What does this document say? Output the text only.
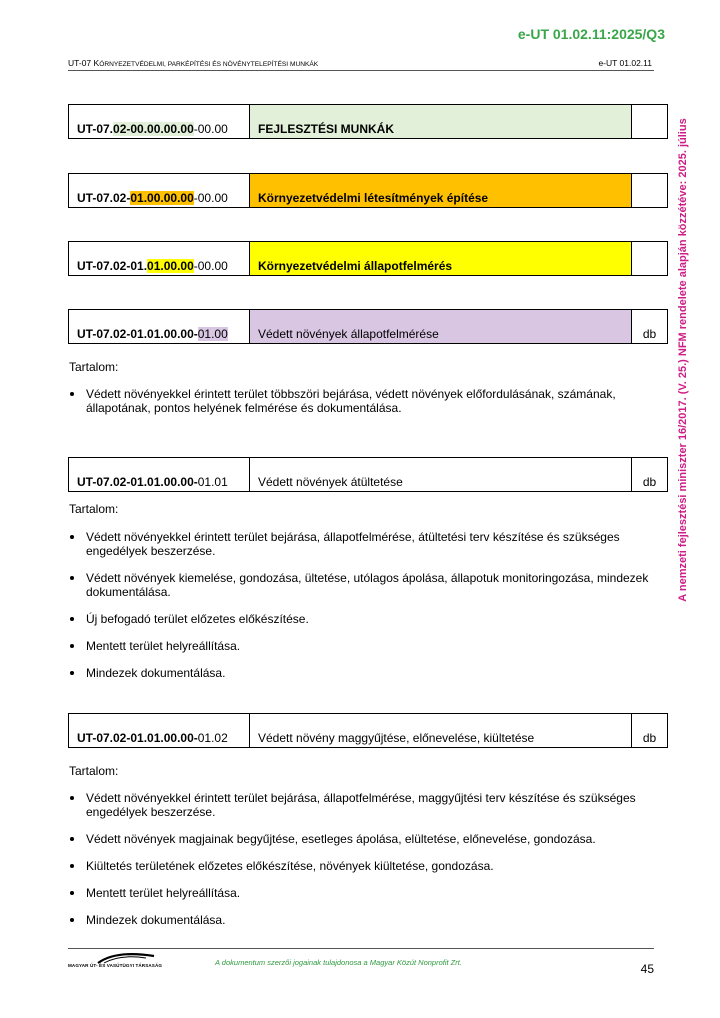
e-UT 01.02.11:2025/Q3
UT-07 KÖRNYEZETVÉDELMI, PARKÉPÍTÉSI ÉS NÖVÉNYTELEPÍTÉSI MUNKÁK	e-UT 01.02.11
A nemzeti fejlesztési miniszter 16/2017. (V. 25.) NFM rendelete alapján közzétéve: 2025. július
UT-07. 02-00.00.00.00 -00.00	FEJLESZTÉSI MUNKÁK
UT-07.02- 01.00.00.00 -00.00	Környezetvédelmi létesítmények építése
UT-07.02-01. 01.00.00 -00.00	Környezetvédelmi állapotfelmérés
UT-07.02-01.01.00.00- 01.00	Védett növények állapotfelmérése	db
Tartalom:
Védett növényekkel érintett terület többszöri bejárása, védett növények előfordulásának, számának, állapotának, pontos helyének felmérése és dokumentálása.
UT-07.02-01.01.00.00- 01.01	Védett növények átültetése	db
Tartalom:
Védett növényekkel érintett terület bejárása, állapotfelmérése, átültetési terv készítése és szükséges engedélyek beszerzése.
Védett növények kiemelése, gondozása, ültetése, utólagos ápolása, állapotuk monitoringozása, mindezek dokumentálása.
Új befogadó terület előzetes előkészítése.
Mentett terület helyreállítása.
Mindezek dokumentálása.
UT-07.02-01.01.00.00- 01.02	Védett növény maggyűjtése, előnevelése, kiültetése	db
Tartalom:
Védett növényekkel érintett terület bejárása, állapotfelmérése, maggyűjtési terv készítése és szükséges engedélyek beszerzése.
Védett növények magjainak begyűjtése, esetleges ápolása, elültetése, előnevelése, gondozása.
Kiültetés területének előzetes előkészítése, növények kiültetése, gondozása.
Mentett terület helyreállítása.
Mindezek dokumentálása.
MAGYAR ÚT- ÉS VASÚTÜGYI TÁRSASÁG	A dokumentum szerzői jogainak tulajdonosa a Magyar Közút Nonprofit Zrt.	45
